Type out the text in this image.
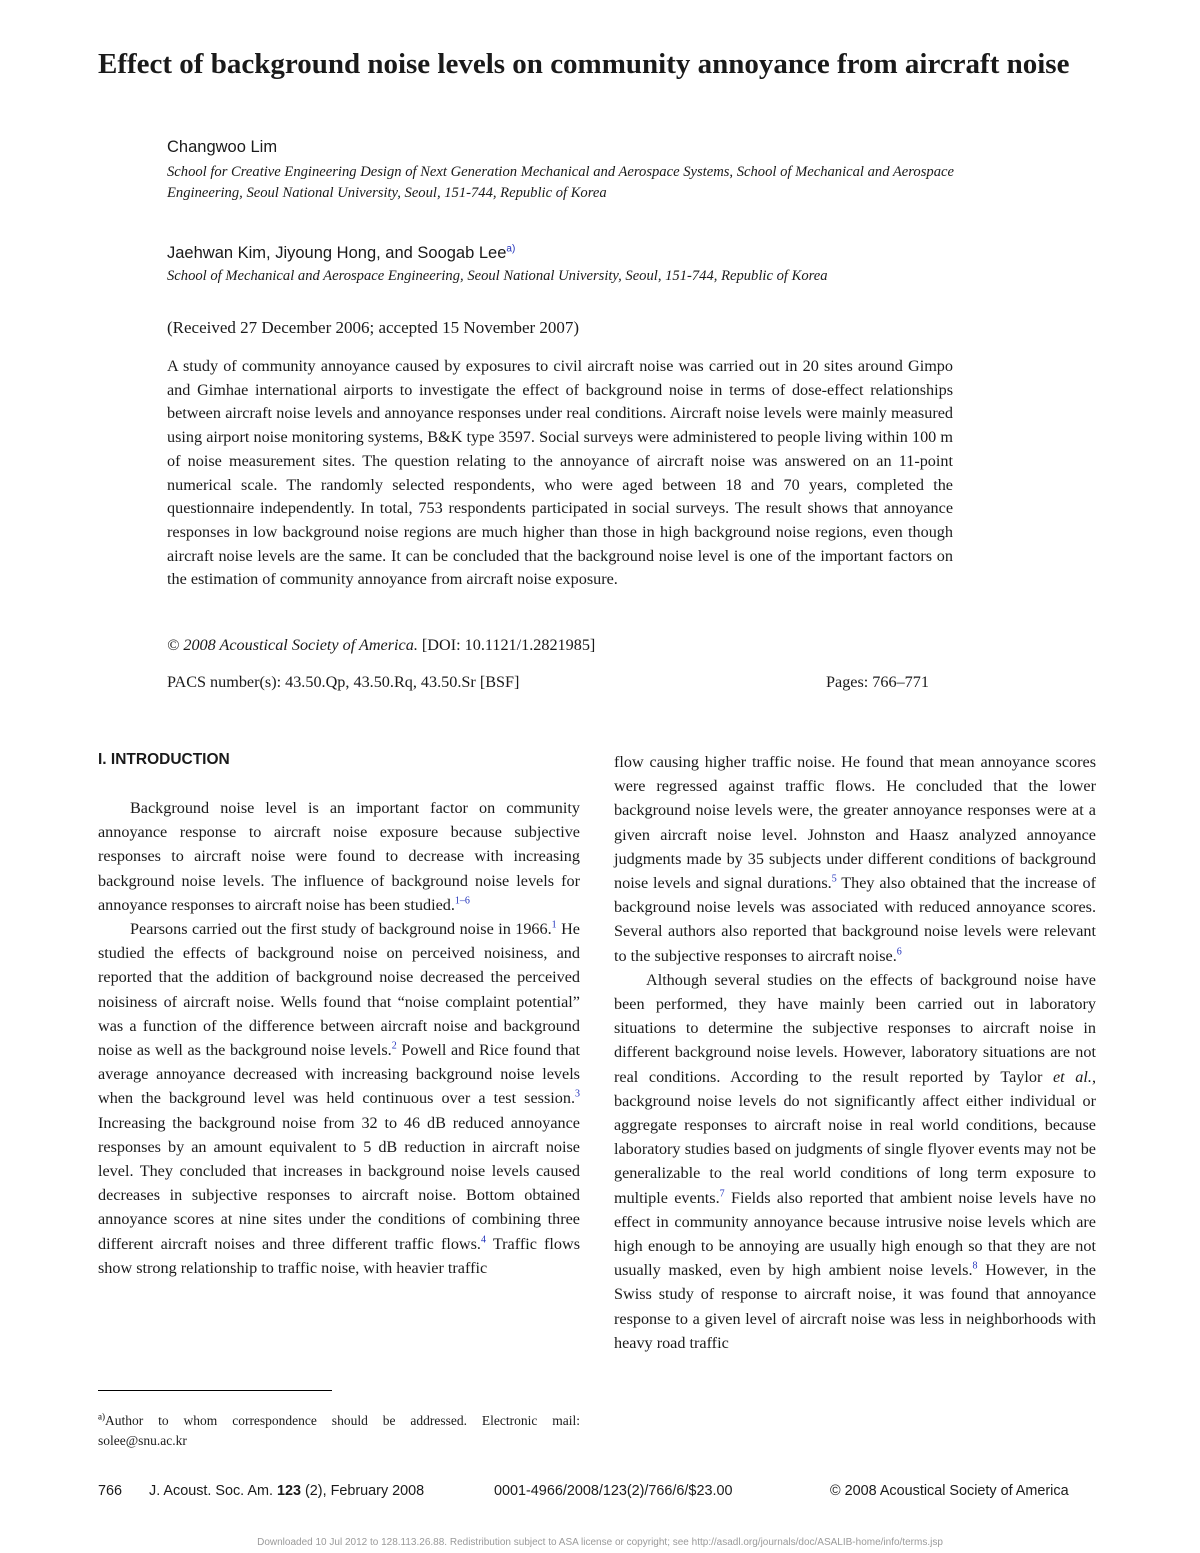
Effect of background noise levels on community annoyance from aircraft noise
Changwoo Lim
School for Creative Engineering Design of Next Generation Mechanical and Aerospace Systems, School of Mechanical and Aerospace Engineering, Seoul National University, Seoul, 151-744, Republic of Korea
Jaehwan Kim, Jiyoung Hong, and Soogab Lee$^{a)}$
School of Mechanical and Aerospace Engineering, Seoul National University, Seoul, 151-744, Republic of Korea
(Received 27 December 2006; accepted 15 November 2007)
A study of community annoyance caused by exposures to civil aircraft noise was carried out in 20 sites around Gimpo and Gimhae international airports to investigate the effect of background noise in terms of dose-effect relationships between aircraft noise levels and annoyance responses under real conditions. Aircraft noise levels were mainly measured using airport noise monitoring systems, B&K type 3597. Social surveys were administered to people living within 100 m of noise measurement sites. The question relating to the annoyance of aircraft noise was answered on an 11-point numerical scale. The randomly selected respondents, who were aged between 18 and 70 years, completed the questionnaire independently. In total, 753 respondents participated in social surveys. The result shows that annoyance responses in low background noise regions are much higher than those in high background noise regions, even though aircraft noise levels are the same. It can be concluded that the background noise level is one of the important factors on the estimation of community annoyance from aircraft noise exposure.
© 2008 Acoustical Society of America. [DOI: 10.1121/1.2821985]
PACS number(s): 43.50.Qp, 43.50.Rq, 43.50.Sr [BSF]	Pages: 766–771
I. INTRODUCTION

Background noise level is an important factor on community annoyance response to aircraft noise exposure because subjective responses to aircraft noise were found to decrease with increasing background noise levels. The influence of background noise levels for annoyance responses to aircraft noise has been studied.$^{1-6}$

Pearsons carried out the first study of background noise in 1966.$^1$ He studied the effects of background noise on perceived noisiness, and reported that the addition of background noise decreased the perceived noisiness of aircraft noise. Wells found that “noise complaint potential” was a function of the difference between aircraft noise and background noise as well as the background noise levels.$^2$ Powell and Rice found that average annoyance decreased with increasing background noise levels when the background level was held continuous over a test session.$^3$ Increasing the background noise from 32 to 46 dB reduced annoyance responses by an amount equivalent to 5 dB reduction in aircraft noise level. They concluded that increases in background noise levels caused decreases in subjective responses to aircraft noise. Bottom obtained annoyance scores at nine sites under the conditions of combining three different aircraft noises and three different traffic flows.$^4$ Traffic flows show strong relationship to traffic noise, with heavier traffic

flow causing higher traffic noise. He found that mean annoyance scores were regressed against traffic flows. He concluded that the lower background noise levels were, the greater annoyance responses were at a given aircraft noise level. Johnston and Haasz analyzed annoyance judgments made by 35 subjects under different conditions of background noise levels and signal durations.$^5$ They also obtained that the increase of background noise levels was associated with reduced annoyance scores. Several authors also reported that background noise levels were relevant to the subjective responses to aircraft noise.$^6$

Although several studies on the effects of background noise have been performed, they have mainly been carried out in laboratory situations to determine the subjective responses to aircraft noise in different background noise levels. However, laboratory situations are not real conditions. According to the result reported by Taylor et al., background noise levels do not significantly affect either individual or aggregate responses to aircraft noise in real world conditions, because laboratory studies based on judgments of single flyover events may not be generalizable to the real world conditions of long term exposure to multiple events.$^7$ Fields also reported that ambient noise levels have no effect in community annoyance because intrusive noise levels which are high enough to be annoying are usually high enough so that they are not usually masked, even by high ambient noise levels.$^8$ However, in the Swiss study of response to aircraft noise, it was found that annoyance response to a given level of aircraft noise was less in neighborhoods with heavy road traffic

$^{a)}$Author to whom correspondence should be addressed. Electronic mail: solee@snu.ac.kr
766 J. Acoust. Soc. Am. 123 (2), February 2008	0001-4966/2008/123(2)/766/6/$23.00	© 2008 Acoustical Society of America
Downloaded 10 Jul 2012 to 128.113.26.88. Redistribution subject to ASA license or copyright; see http://asadl.org/journals/doc/ASALIB-home/info/terms.jsp
